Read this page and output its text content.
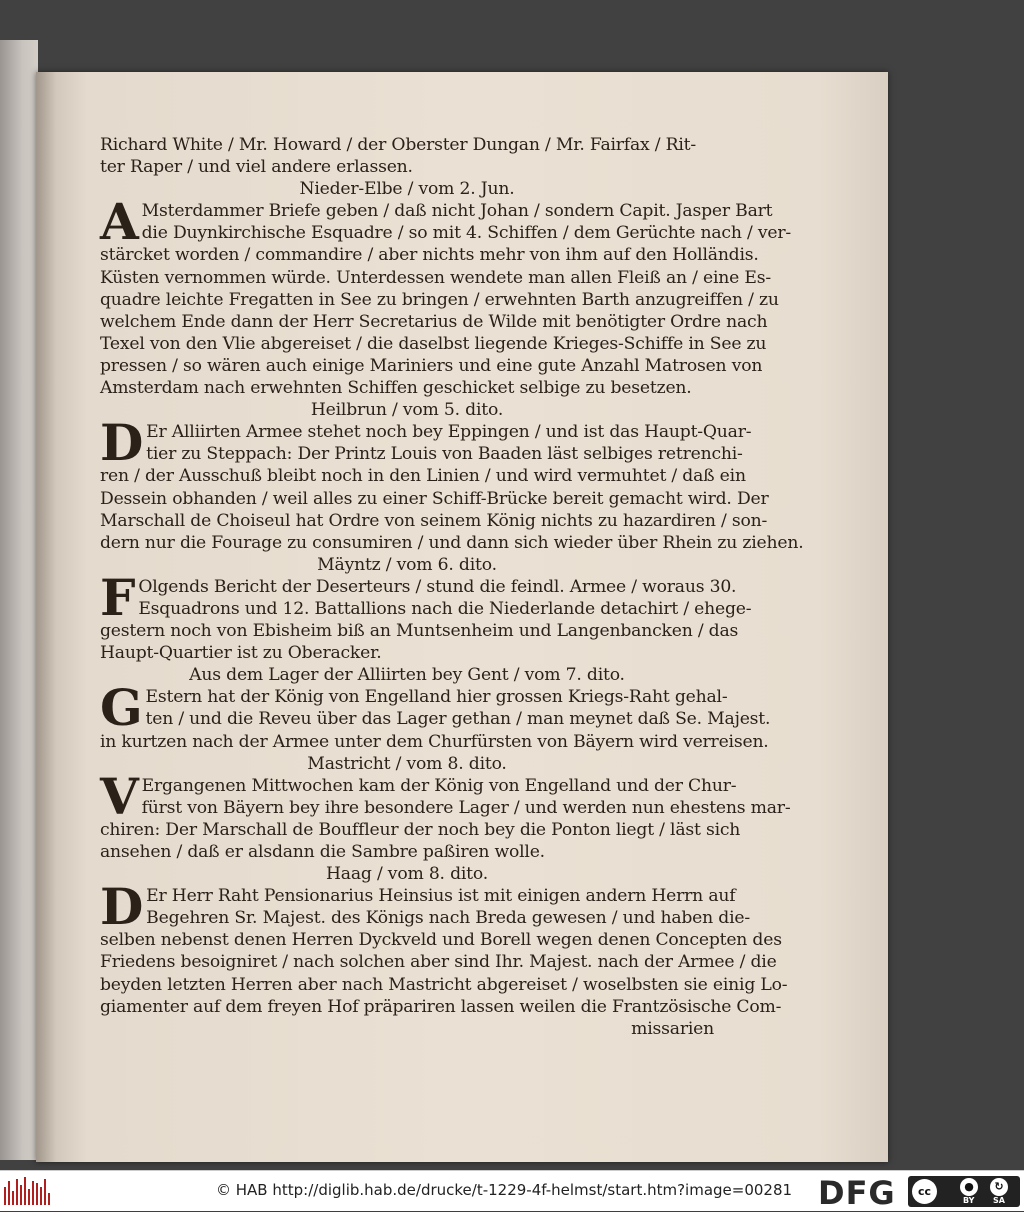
Richard White / Mr. Howard / der Oberster Dungan / Mr. Fairfax / Rit-
ter Raper / und viel andere erlassen.
Nieder-Elbe / vom 2. Jun.
A Msterdammer Briefe geben / daß nicht Johan / sondern Capit. Jasper Bart
die Duynkirchische Esquadre / so mit 4. Schiffen / dem Gerüchte nach / ver-
stärcket worden / commandire / aber nichts mehr von ihm auf den Holländis.
Küsten vernommen würde. Unterdessen wendete man allen Fleiß an / eine Es-
quadre leichte Fregatten in See zu bringen / erwehnten Barth anzugreiffen / zu
welchem Ende dann der Herr Secretarius de Wilde mit benötigter Ordre nach
Texel von den Vlie abgereiset / die daselbst liegende Krieges-Schiffe in See zu
pressen / so wären auch einige Mariniers und eine gute Anzahl Matrosen von
Amsterdam nach erwehnten Schiffen geschicket selbige zu besetzen.
Heilbrun / vom 5. dito.
D Er Alliirten Armee stehet noch bey Eppingen / und ist das Haupt-Quar-
tier zu Steppach: Der Printz Louis von Baaden läst selbiges retrenchi-
ren / der Ausschuß bleibt noch in den Linien / und wird vermuhtet / daß ein
Dessein obhanden / weil alles zu einer Schiff-Brücke bereit gemacht wird. Der
Marschall de Choiseul hat Ordre von seinem König nichts zu hazardiren / son-
dern nur die Fourage zu consumiren / und dann sich wieder über Rhein zu ziehen.
Mäyntz / vom 6. dito.
F Olgends Bericht der Deserteurs / stund die feindl. Armee / woraus 30.
Esquadrons und 12. Battallions nach die Niederlande detachirt / ehege-
gestern noch von Ebisheim biß an Muntsenheim und Langenbancken / das
Haupt-Quartier ist zu Oberacker.
Aus dem Lager der Alliirten bey Gent / vom 7. dito.
G Estern hat der König von Engelland hier grossen Kriegs-Raht gehal-
ten / und die Reveu über das Lager gethan / man meynet daß Se. Majest.
in kurtzen nach der Armee unter dem Churfürsten von Bäyern wird verreisen.
Mastricht / vom 8. dito.
V Ergangenen Mittwochen kam der König von Engelland und der Chur-
fürst von Bäyern bey ihre besondere Lager / und werden nun ehestens mar-
chiren: Der Marschall de Boufflеur der noch bey die Ponton liegt / läst sich
ansehen / daß er alsdann die Sambre paßiren wolle.
Haag / vom 8. dito.
D Er Herr Raht Pensionarius Heinsius ist mit einigen andern Herrn auf
Begehren Sr. Majest. des Königs nach Breda gewesen / und haben die-
selben nebenst denen Herren Dyckveld und Borell wegen denen Concepten des
Friedens besoigniret / nach solchen aber sind Ihr. Majest. nach der Armee / die
beyden letzten Herren aber nach Mastricht abgereiset / woselbsten sie einig Lo-
giamenter auf dem freyen Hof präpariren lassen weilen die Frantzösische Com-
missarien
© HAB http://diglib.hab.de/drucke/t-1229-4f-helmst/start.htm?image=00281 DFG	cc	●	↻
BY SA
